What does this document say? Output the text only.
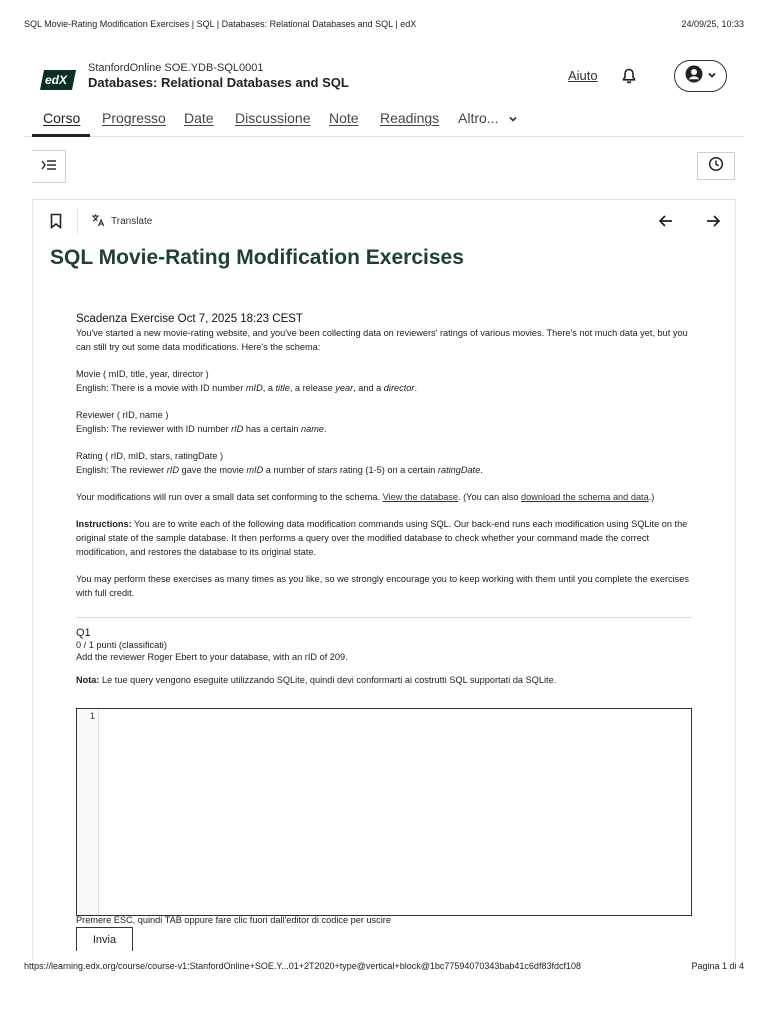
SQL Movie-Rating Modification Exercises | SQL | Databases: Relational Databases and SQL | edX	24/09/25, 10:33
edX
StanfordOnline SOE.YDB-SQL0001
Databases: Relational Databases and SQL	Aiuto
Corso Progresso Date Discussione Note Readings Altro...
Translate
SQL Movie-Rating Modification Exercises
Scadenza Exercise Oct 7, 2025 18:23 CEST

You've started a new movie-rating website, and you've been collecting data on reviewers' ratings of various movies. There's not much data yet, but you can still try out some data modifications. Here's the schema:

Movie ( mID, title, year, director )

English: There is a movie with ID number mID, a title, a release year, and a director.

Reviewer ( rID, name )

English: The reviewer with ID number rID has a certain name.

Rating ( rID, mID, stars, ratingDate )

English: The reviewer rID gave the movie mID a number of stars rating (1-5) on a certain ratingDate.

Your modifications will run over a small data set conforming to the schema. View the database. (You can also download the schema and data.)

Instructions: You are to write each of the following data modification commands using SQL. Our back-end runs each modification using SQLite on the original state of the sample database. It then performs a query over the modified database to check whether your command made the correct modification, and restores the database to its original state.

You may perform these exercises as many times as you like, so we strongly encourage you to keep working with them until you complete the exercises with full credit.

Q1

0 / 1 punti (classificati)

Add the reviewer Roger Ebert to your database, with an rID of 209.

Nota: Le tue query vengono eseguite utilizzando SQLite, quindi devi conformarti ai costrutti SQL supportati da SQLite.

1
Premere ESC, quindi TAB oppure fare clic fuori dall'editor di codice per uscire
Invia
https://learning.edx.org/course/course-v1:StanfordOnline+SOE.Y...01+2T2020+type@vertical+block@1bc77594070343bab41c6df83fdcf108	Pagina 1 di 4
